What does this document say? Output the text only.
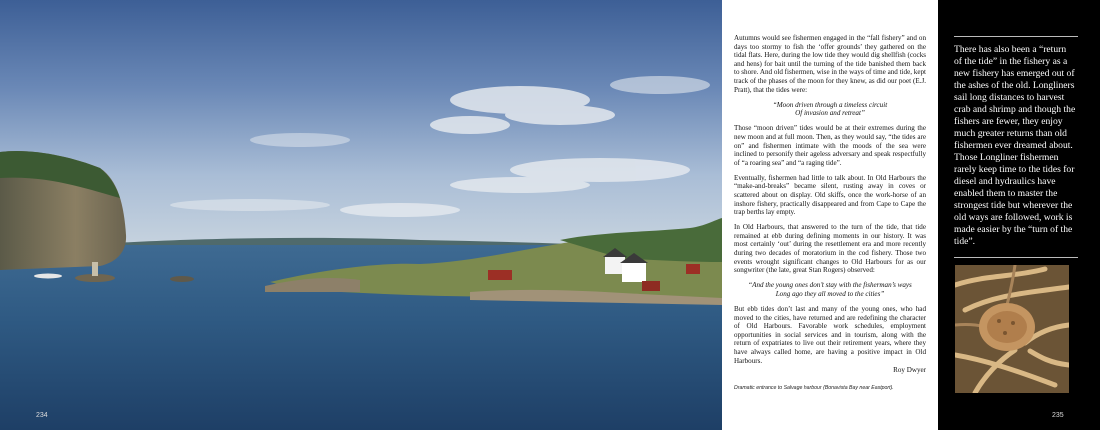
234

Autumns would see fishermen engaged in the “fall fishery” and on days too stormy to fish the ‘offer grounds’ they gathered on the tidal flats. Here, during the low tide they would dig shellfish (cocks and hens) for bait until the turning of the tide banished them back to shore. And old fishermen, wise in the ways of time and tide, kept track of the phases of the moon for they knew, as did our poet (E.J. Pratt), that the tides were:

“Moon driven through a timeless circuit
Of invasion and retreat”

Those “moon driven” tides would be at their extremes during the new moon and at full moon. Then, as they would say, “the tides are on” and fishermen intimate with the moods of the sea were inclined to personify their ageless adversary and speak respectfully of “a roaring sea” and “a raging tide”.

Eventually, fishermen had little to talk about. In Old Harbours the “make-and-breaks” became silent, rusting away in coves or scattered about on display. Old skiffs, once the work-horse of an inshore fishery, practically disappeared and from Cape to Cape the trap berths lay empty.

In Old Harbours, that answered to the turn of the tide, that tide remained at ebb during defining moments in our history. It was most certainly ‘out’ during the resettlement era and more recently during two decades of moratorium in the cod fishery. Those two events wrought significant changes to Old Harbours for as our songwriter (the late, great Stan Rogers) observed:

“And the young ones don’t stay with the fisherman’s ways
Long ago they all moved to the cities”

But ebb tides don’t last and many of the young ones, who had moved to the cities, have returned and are redefining the character of Old Harbours. Favorable work schedules, employment opportunities in social services and in tourism, along with the return of expatriates to live out their retirement years, where they have always called home, are having a positive impact in Old Harbours.

Roy Dwyer
Dramatic entrance to Salvage harbour (Bonavista Bay near Eastport).
There has also been a “return of the tide” in the fishery as a new fishery has emerged out of the ashes of the old. Longliners sail long distances to harvest crab and shrimp and though the fishers are fewer, they enjoy much greater returns than old fishermen ever dreamed about. Those Longliner fishermen rarely keep time to the tides for diesel and hydraulics have enabled them to master the strongest tide but wherever the old ways are followed, work is made easier by the “turn of the tide”.
235
